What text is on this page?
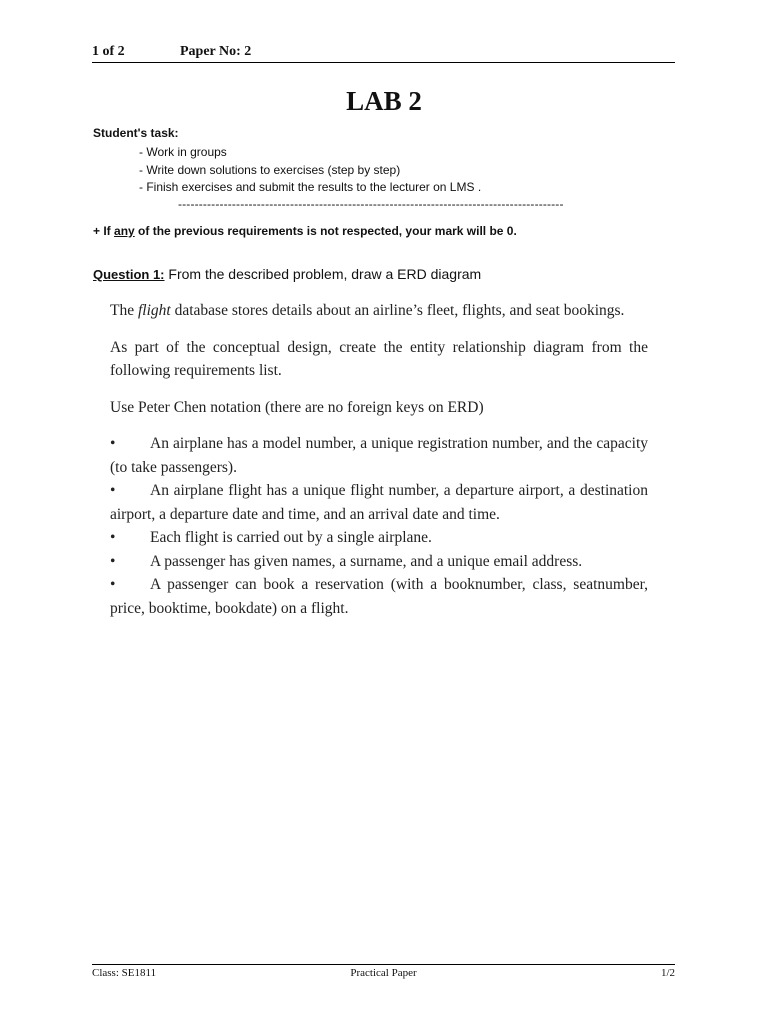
1 of 2	Paper No: 2
LAB 2
Student's task:
- Work in groups
- Write down solutions to exercises (step by step)
- Finish exercises and submit the results to the lecturer on LMS .
---------------------------------------------------------------------------------------------
+ If any of the previous requirements is not respected, your mark will be 0.
Question 1: From the described problem, draw a ERD diagram

The flight database stores details about an airline’s fleet, flights, and seat bookings.

As part of the conceptual design, create the entity relationship diagram from the following requirements list.

Use Peter Chen notation (there are no foreign keys on ERD)

• An airplane has a model number, a unique registration number, and the capacity (to take passengers).

• An airplane flight has a unique flight number, a departure airport, a destination airport, a departure date and time, and an arrival date and time.

• Each flight is carried out by a single airplane.

• A passenger has given names, a surname, and a unique email address.

• A passenger can book a reservation (with a booknumber, class, seatnumber, price, booktime, bookdate) on a flight.

Class: SE1811	Practical Paper	1/2
